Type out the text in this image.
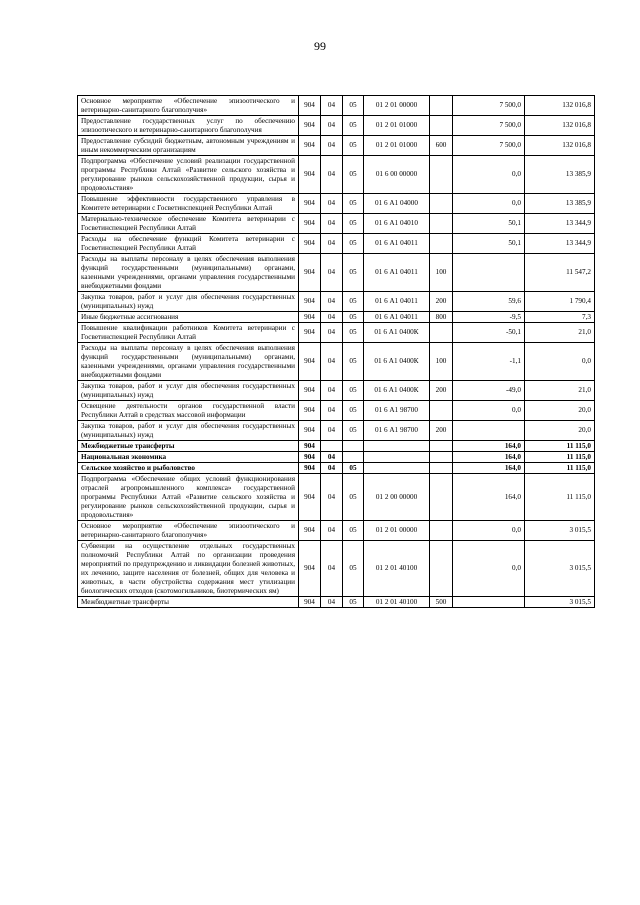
99
Основное мероприятие «Обеспечение эпизоотического и ветеринарно-санитарного благополучия»	904	04	05	01 2 01 00000		7 500,0	132 016,8
Предоставление государственных услуг по обеспечению эпизоотического и ветеринарно-санитарного благополучия	904	04	05	01 2 01 01000		7 500,0	132 016,8
Предоставление субсидий бюджетным, автономным учреждениям и иным некоммерческим организациям	904	04	05	01 2 01 01000	600	7 500,0	132 016,8
Подпрограмма «Обеспечение условий реализации государственной программы Республики Алтай «Развитие сельского хозяйства и регулирование рынков сельскохозяйственной продукции, сырья и продовольствия»	904	04	05	01 6 00 00000		0,0	13 385,9
Повышение эффективности государственного управления в Комитете ветеринарии с Госветинспекцией Республики Алтай	904	04	05	01 6 А1 04000		0,0	13 385,9
Материально-техническое обеспечение Комитета ветеринарии с Госветинспекцией Республики Алтай	904	04	05	01 6 А1 04010		50,1	13 344,9
Расходы на обеспечение функций Комитета ветеринарии с Госветинспекцией Республики Алтай	904	04	05	01 6 А1 04011		50,1	13 344,9
Расходы на выплаты персоналу в целях обеспечения выполнения функций государственными (муниципальными) органами, казенными учреждениями, органами управления государственными внебюджетными фондами	904	04	05	01 6 А1 04011	100		11 547,2
Закупка товаров, работ и услуг для обеспечения государственных (муниципальных) нужд	904	04	05	01 6 А1 04011	200	59,6	1 790,4
Иные бюджетные ассигнования	904	04	05	01 6 А1 04011	800	-9,5	7,3
Повышение квалификации работников Комитета ветеринарии с Госветинспекцией Республики Алтай	904	04	05	01 6 А1 0400К		-50,1	21,0
Расходы на выплаты персоналу в целях обеспечения выполнения функций государственными (муниципальными) органами, казенными учреждениями, органами управления государственными внебюджетными фондами	904	04	05	01 6 А1 0400К	100	-1,1	0,0
Закупка товаров, работ и услуг для обеспечения государственных (муниципальных) нужд	904	04	05	01 6 А1 0400К	200	-49,0	21,0
Освещение деятельности органов государственной власти Республики Алтай в средствах массовой информации	904	04	05	01 6 А1 98700		0,0	20,0
Закупка товаров, работ и услуг для обеспечения государственных (муниципальных) нужд	904	04	05	01 6 А1 98700	200		20,0
Межбюджетные трансферты	904					164,0	11 115,0
Национальная экономика	904	04				164,0	11 115,0
Сельское хозяйство и рыболовство	904	04	05			164,0	11 115,0
Подпрограмма «Обеспечение общих условий функционирования отраслей агропромышленного комплекса» государственной программы Республики Алтай «Развитие сельского хозяйства и регулирование рынков сельскохозяйственной продукции, сырья и продовольствия»	904	04	05	01 2 00 00000		164,0	11 115,0
Основное мероприятие «Обеспечение эпизоотического и ветеринарно-санитарного благополучия»	904	04	05	01 2 01 00000		0,0	3 015,5
Субвенции на осуществление отдельных государственных полномочий Республики Алтай по организации проведения мероприятий по предупреждению и ликвидации болезней животных, их лечению, защите населения от болезней, общих для человека и животных, в части обустройства содержания мест утилизации биологических отходов (скотомогильников, биотермических ям)	904	04	05	01 2 01 40100		0,0	3 015,5
Межбюджетные трансферты	904	04	05	01 2 01 40100	500		3 015,5
